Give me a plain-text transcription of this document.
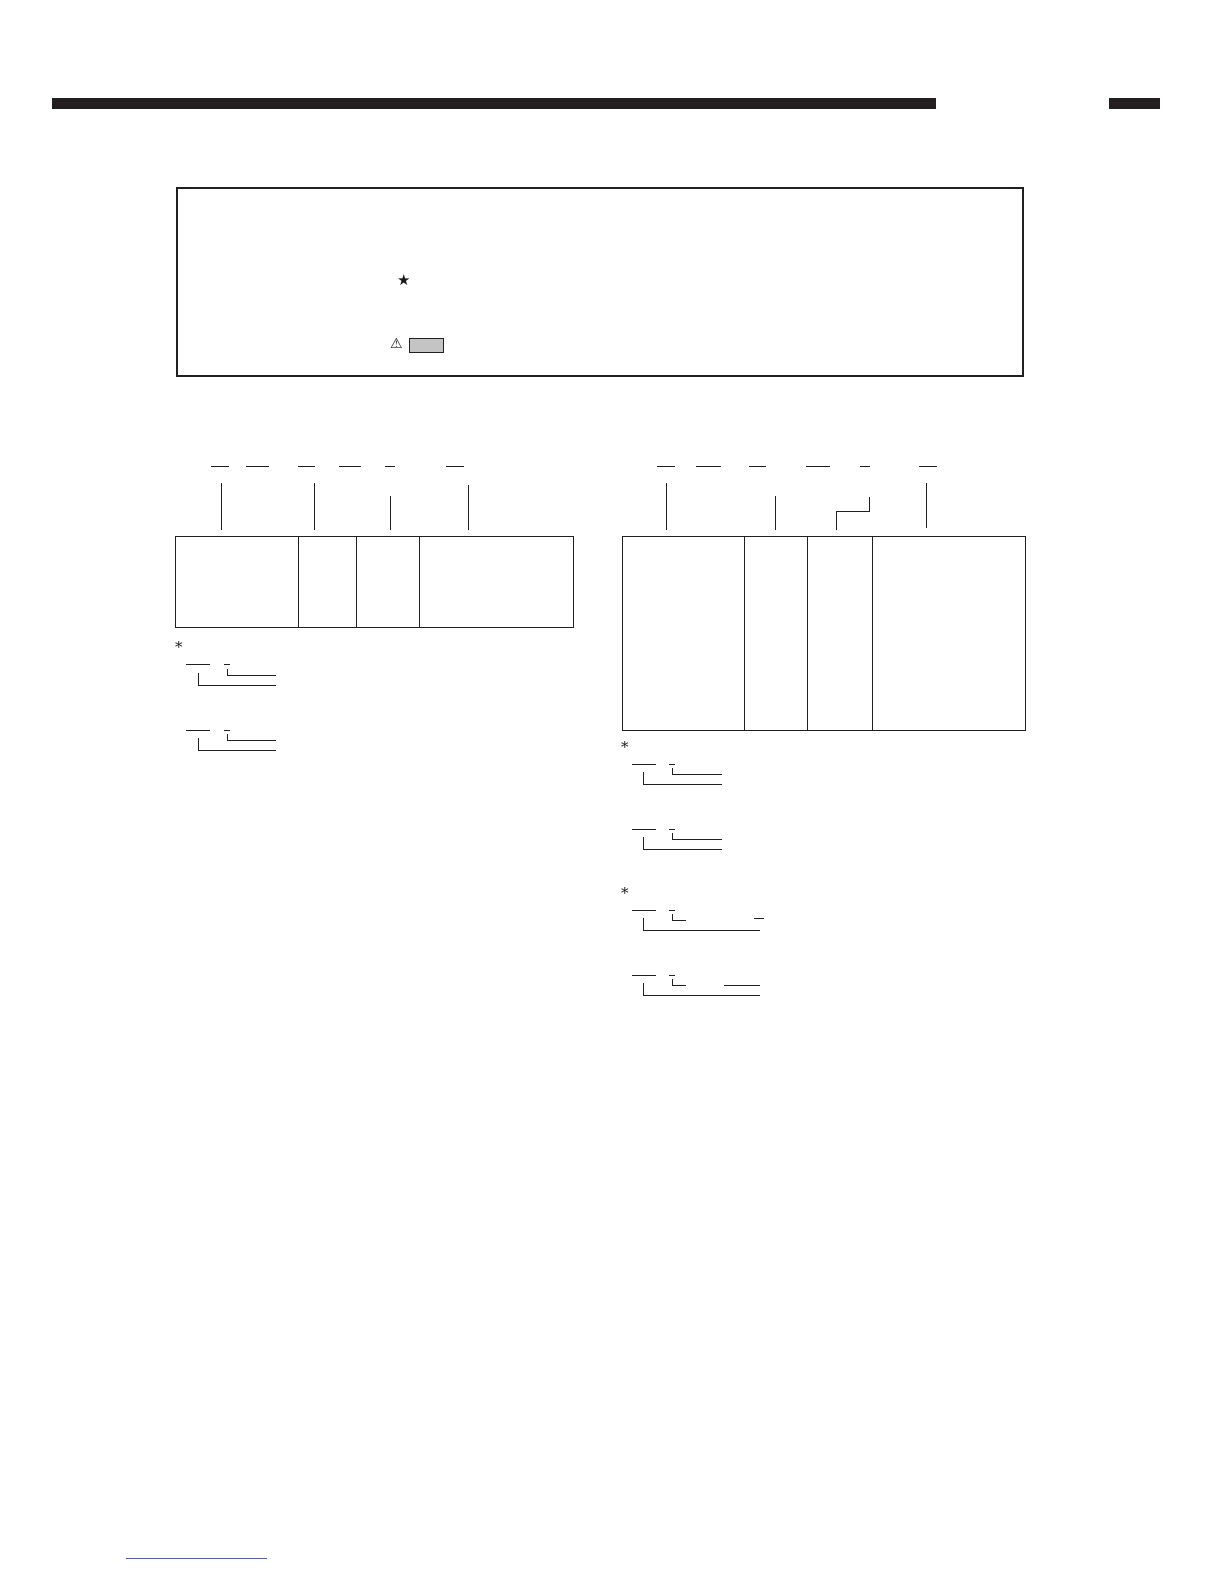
★
⚠
*
*
*
